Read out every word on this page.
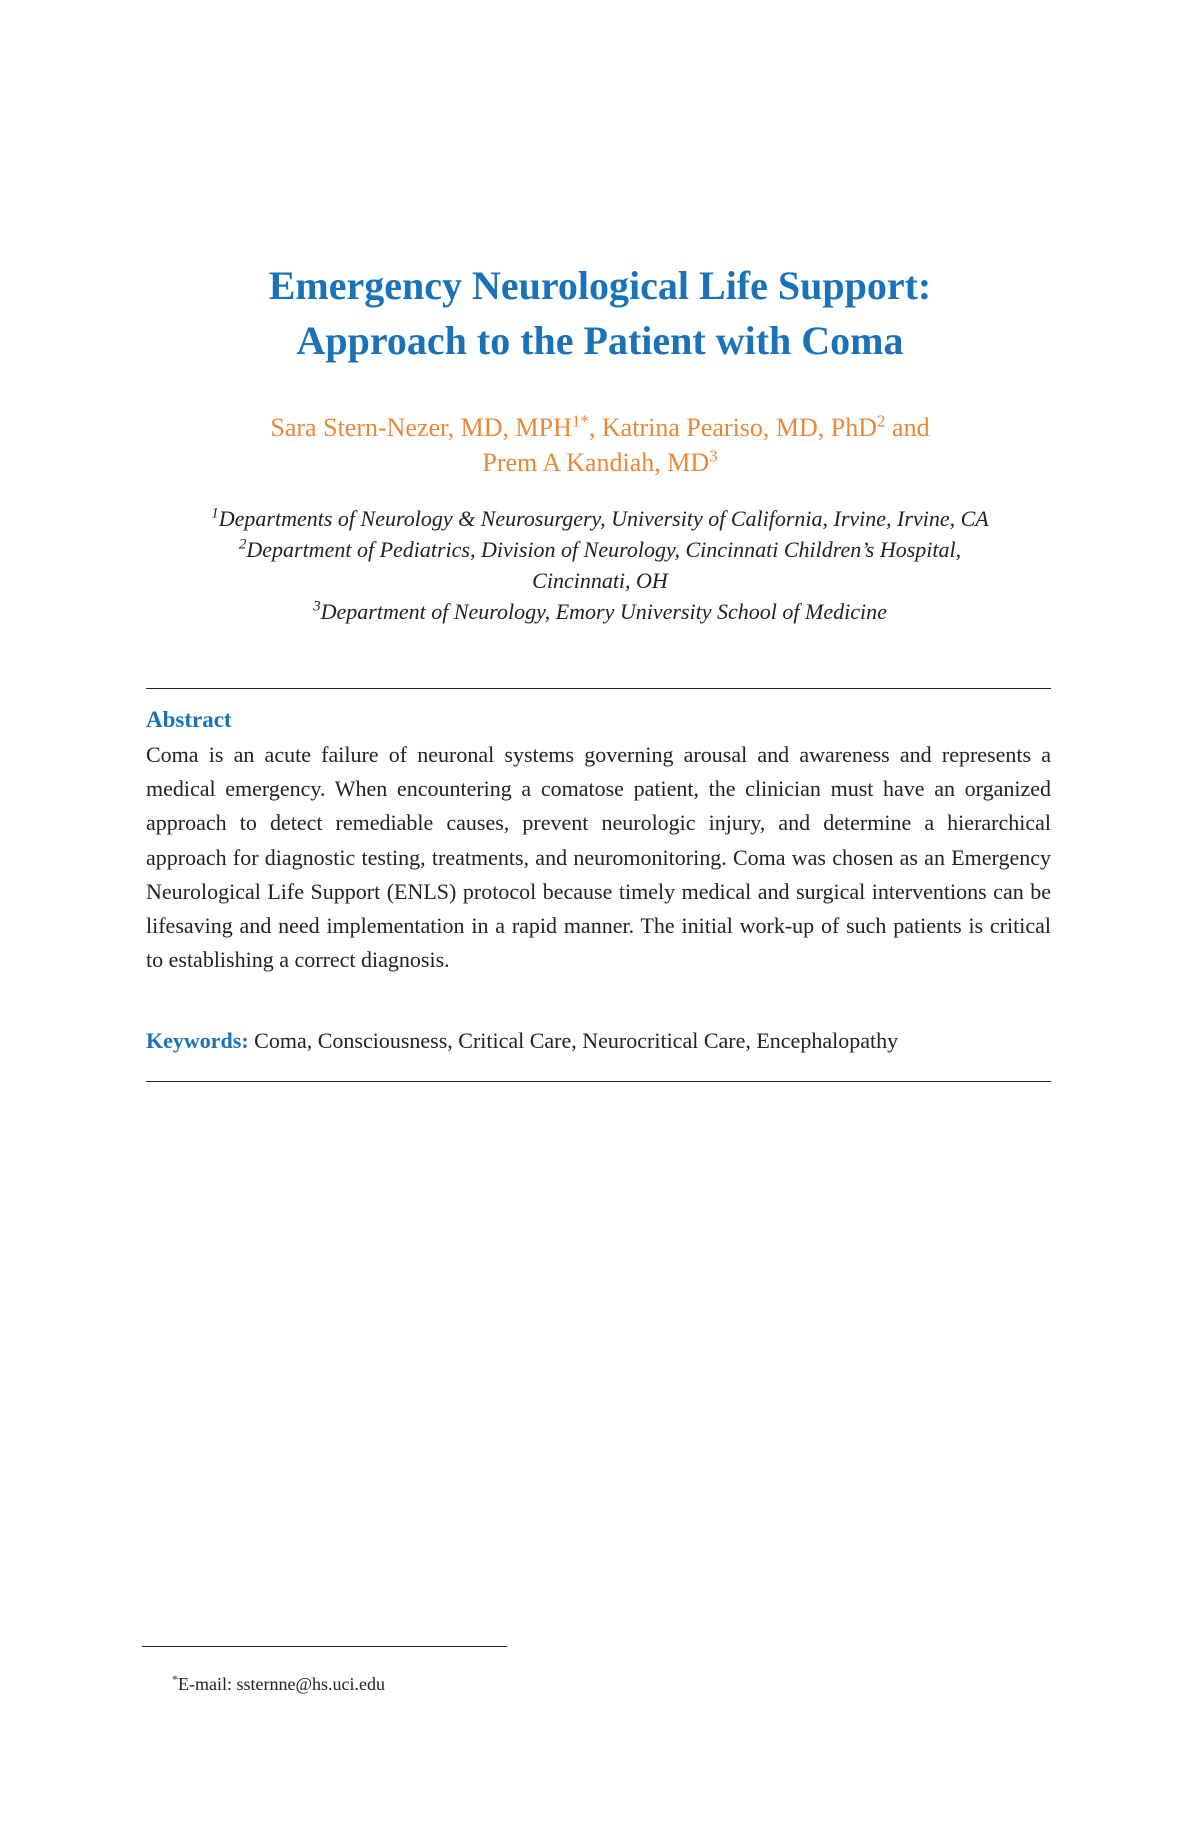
Emergency Neurological Life Support:
Approach to the Patient with Coma
Sara Stern-Nezer, MD, $MPH^{1*}$, Katrina Peariso, MD, PhD$^2$ and
Prem A Kandiah, $MD^3$
$^1$Departments of Neurology & Neurosurgery, University of California, Irvine, Irvine, CA
$^2$Department of Pediatrics, Division of Neurology, Cincinnati Children’s Hospital,
Cincinnati, OH
$^3$Department of Neurology, Emory University School of Medicine
Abstract
Coma is an acute failure of neuronal systems governing arousal and awareness and represents a medical emergency. When encountering a comatose patient, the clinician must have an organized approach to detect remediable causes, prevent neurologic injury, and determine a hierarchical approach for diagnostic testing, treatments, and neuromonitoring. Coma was chosen as an Emergency Neurological Life Support (ENLS) protocol because timely medical and surgical interventions can be lifesaving and need implementation in a rapid manner. The initial work-up of such patients is critical to establishing a correct diagnosis.
Keywords: Coma, Consciousness, Critical Care, Neurocritical Care, Encephalopathy
*E-mail: ssternne@hs.uci.edu
